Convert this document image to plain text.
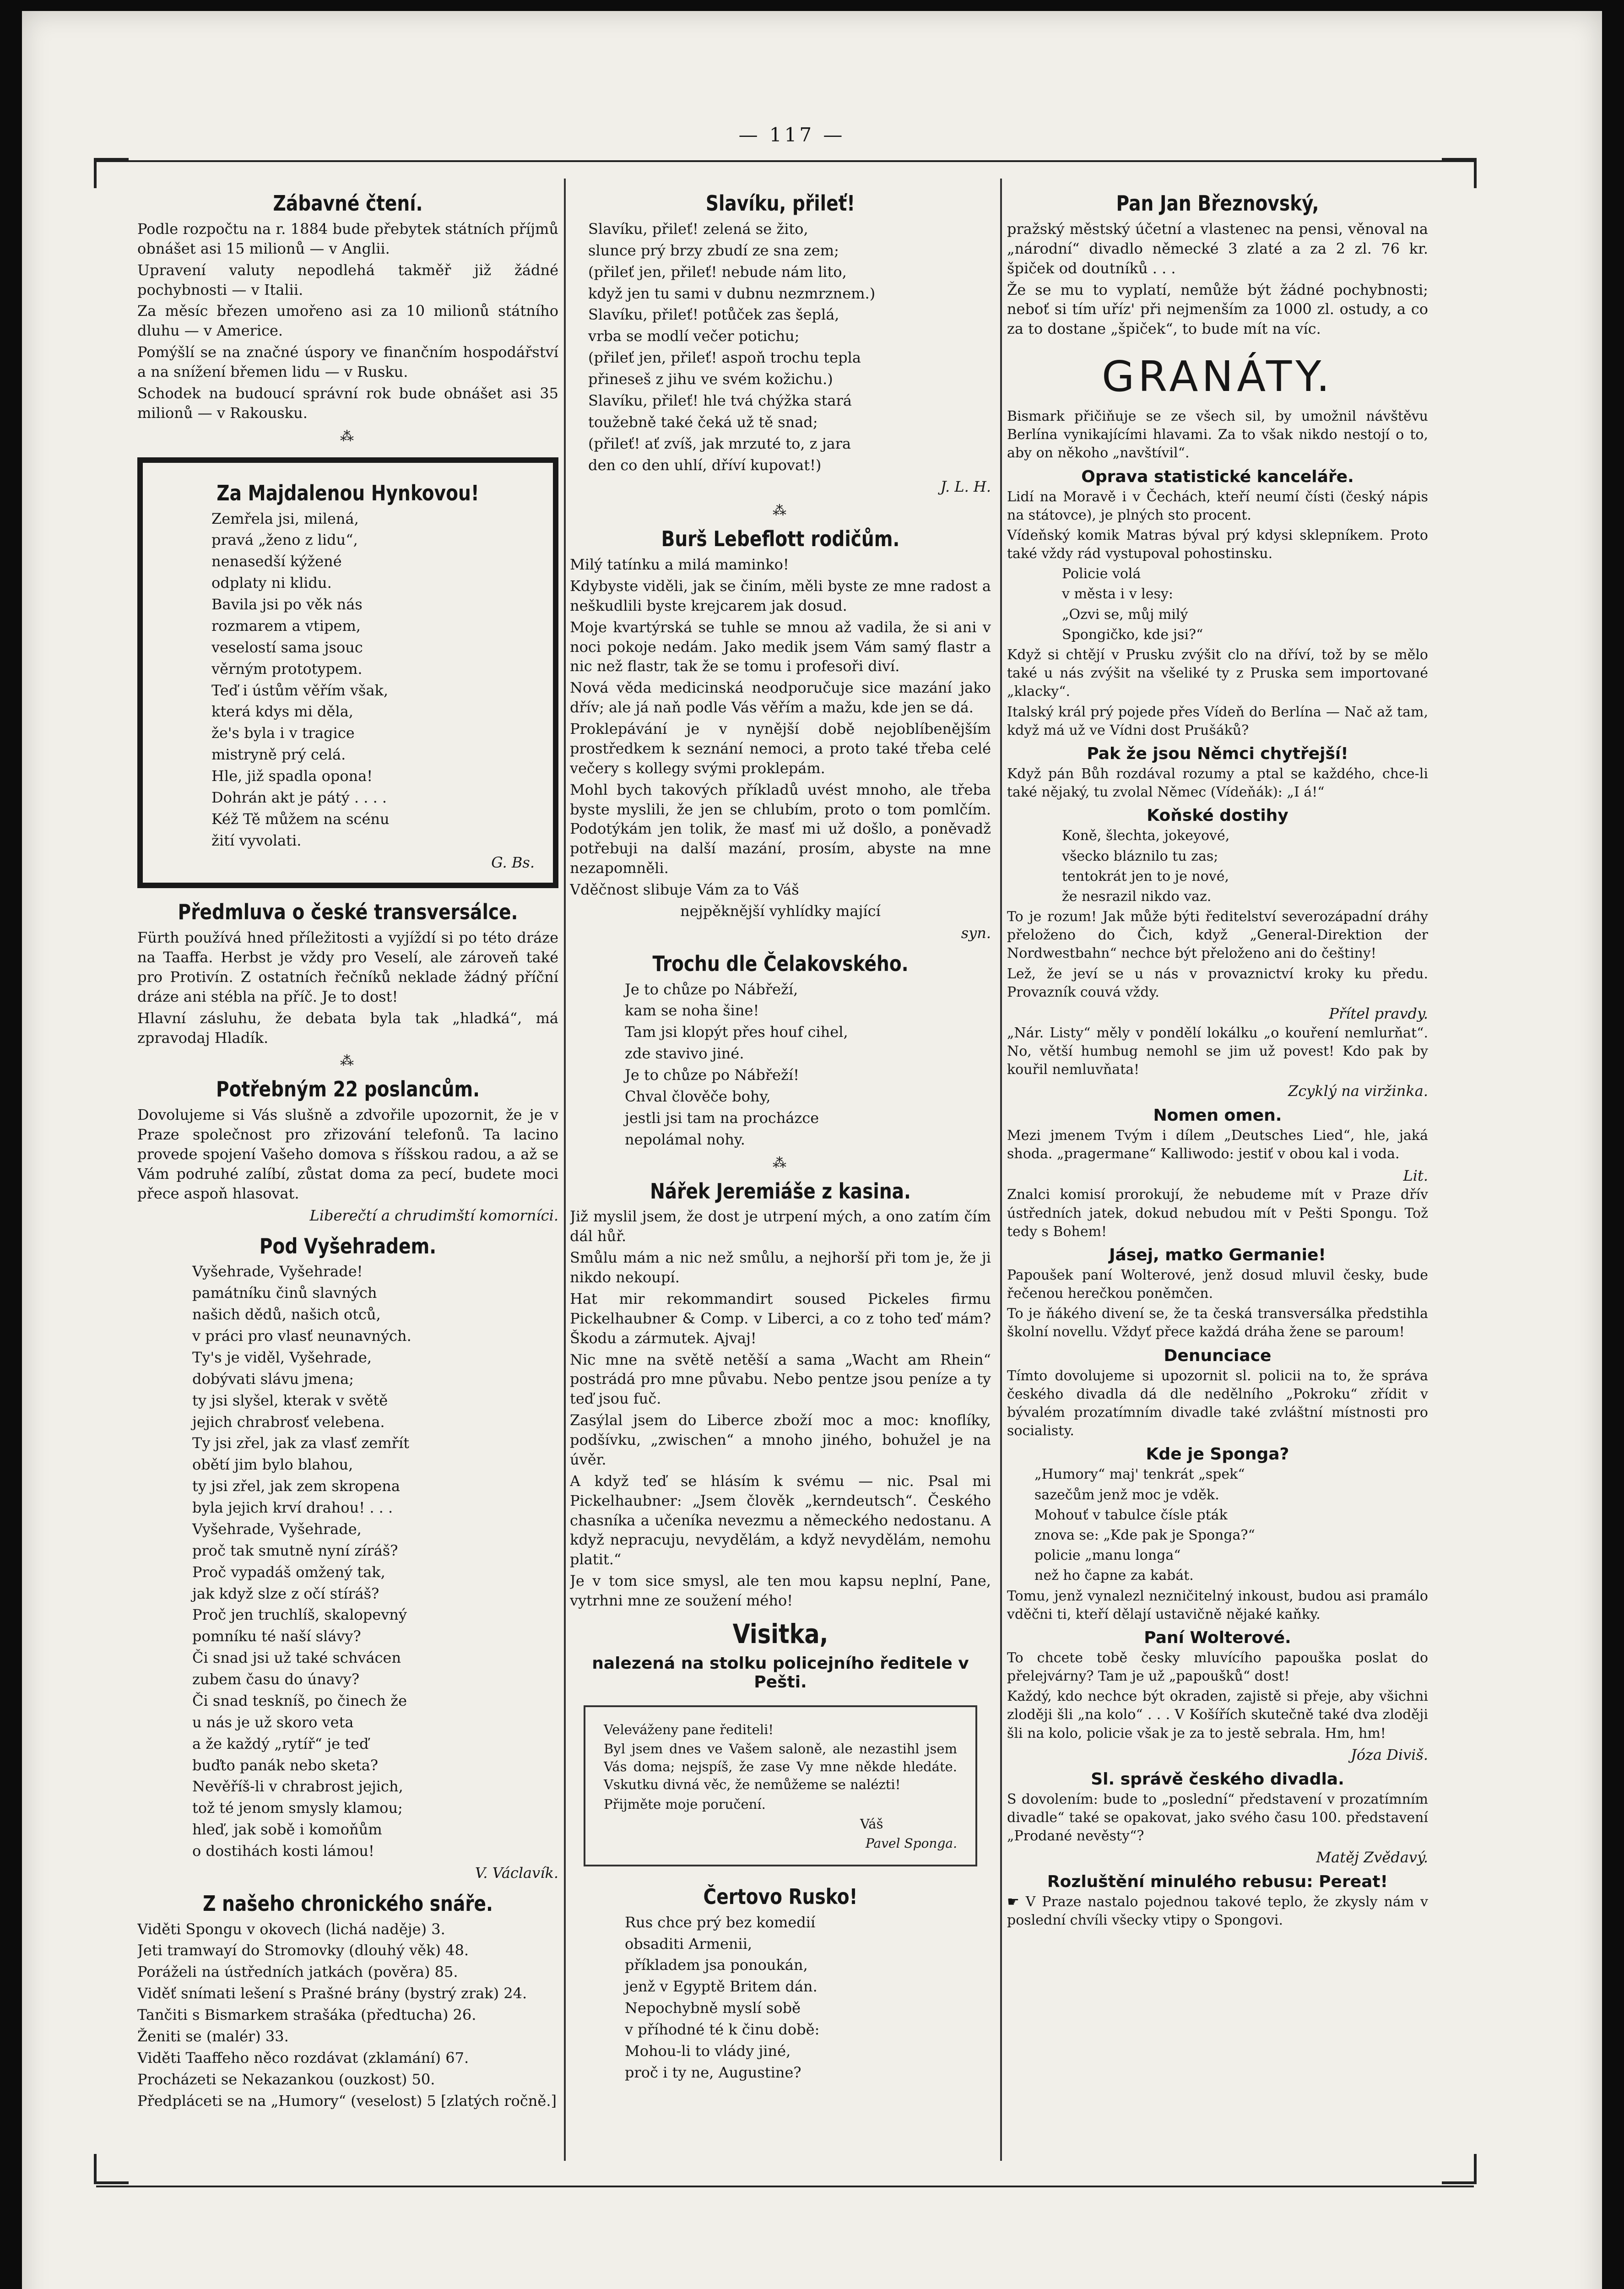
— 117 —
Zábavné čtení.

Podle rozpočtu na r. 1884 bude přebytek státních příjmů obnášet asi 15 milionů — v Anglii.

Upravení valuty nepodlehá takměř již žádné pochybnosti — v Italii.

Za měsíc březen umořeno asi za 10 milionů státního dluhu — v Americe.

Pomýšlí se na značné úspory ve finančním hospodářství a na snížení břemen lidu — v Rusku.

Schodek na budoucí správní rok bude obnášet asi 35 milionů — v Rakousku.

⁂
Za Majdalenou Hynkovou!

Zemřela jsi, milená,

pravá „ženo z lidu“,

nenasedší kýžené

odplaty ni klidu.

Bavila jsi po věk nás

rozmarem a vtipem,

veselostí sama jsouc

věrným prototypem.

Teď i ústům věřím však,

která kdys mi děla,

že's byla i v tragice

mistryně prý celá.

Hle, již spadla opona!

Dohrán akt je pátý . . . .

Kéž Tě můžem na scénu

žití vyvolati.

G. Bs.
Předmluva o české transversálce.

Fürth používá hned příležitosti a vyjíždí si po této dráze na Taaffa. Herbst je vždy pro Veselí, ale zároveň také pro Protivín. Z ostatních řečníků neklade žádný příční dráze ani stébla na příč. Je to dost!

Hlavní zásluhu, že debata byla tak „hladká“, má zpravodaj Hladík.

⁂
Potřebným 22 poslancům.

Dovolujeme si Vás slušně a zdvořile upozornit, že je v Praze společnost pro zřizování telefonů. Ta lacino provede spojení Vašeho domova s říšskou radou, a až se Vám podruhé zalíbí, zůstat doma za pecí, budete moci přece aspoň hlasovat.

Liberečtí a chrudimští komorníci.
Pod Vyšehradem.

Vyšehrade, Vyšehrade!

památníku činů slavných

našich dědů, našich otců,

v práci pro vlasť neunavných.

Ty's je viděl, Vyšehrade,

dobývati slávu jmena;

ty jsi slyšel, kterak v světě

jejich chrabrosť velebena.

Ty jsi zřel, jak za vlasť zemřít

obětí jim bylo blahou,

ty jsi zřel, jak zem skropena

byla jejich krví drahou! . . .

Vyšehrade, Vyšehrade,

proč tak smutně nyní zíráš?

Proč vypadáš omžený tak,

jak když slze z očí stíráš?

Proč jen truchlíš, skalopevný

pomníku té naší slávy?

Či snad jsi už také schvácen

zubem času do únavy?

Či snad teskníš, po činech že

u nás je už skoro veta

a že každý „rytíř“ je teď

buďto panák nebo sketa?

Nevěříš-li v chrabrost jejich,

tož té jenom smysly klamou;

hleď, jak sobě i komoňům

o dostihách kosti lámou!

V. Václavík.
Z našeho chronického snáře.

Viděti Spongu v okovech (lichá naděje) 3.

Jeti tramwayí do Stromovky (dlouhý věk) 48.

Poráželi na ústředních jatkách (pověra) 85.

Viděť snímati lešení s Prašné brány (bystrý zrak) 24.

Tančiti s Bismarkem strašáka (předtucha) 26.

Ženiti se (malér) 33.

Viděti Taaffeho něco rozdávat (zklamání) 67.

Procházeti se Nekazankou (ouzkost) 50.

Předpláceti se na „Humory“ (veselost) 5 [zlatých ročně.]

Slavíku, přileť!

Slavíku, přileť! zelená se žito,

slunce prý brzy zbudí ze sna zem;

(přileť jen, přileť! nebude nám lito,

když jen tu sami v dubnu nezmrznem.)

Slavíku, přileť! potůček zas šeplá,

vrba se modlí večer potichu;

(přileť jen, přileť! aspoň trochu tepla

přineseš z jihu ve svém kožichu.)

Slavíku, přileť! hle tvá chýžka stará

toužebně také čeká už tě snad;

(přileť! ať zvíš, jak mrzuté to, z jara

den co den uhlí, dříví kupovat!)

J. L. H.
⁂
Burš Lebeflott rodičům.

Milý tatínku a milá maminko!

Kdybyste viděli, jak se činím, měli byste ze mne radost a neškudlili byste krejcarem jak dosud.

Moje kvartýrská se tuhle se mnou až vadila, že si ani v noci pokoje nedám. Jako medik jsem Vám samý flastr a nic než flastr, tak že se tomu i profesoři diví.

Nová věda medicinská neodporučuje sice mazání jako dřív; ale já naň podle Vás věřím a mažu, kde jen se dá.

Proklepávání je v nynější době nejoblíbenějším prostředkem k seznání nemoci, a proto také třeba celé večery s kollegy svými proklepám.

Mohl bych takových příkladů uvést mnoho, ale třeba byste myslili, že jen se chlubím, proto o tom pomlčím. Podotýkám jen tolik, že masť mi už došlo, a poněvadž potřebuji na další mazání, prosím, abyste na mne nezapomněli.

Vděčnost slibuje Vám za to Váš

nejpěknější vyhlídky mající

syn.
Trochu dle Čelakovského.

Je to chůze po Nábřeží,

kam se noha šine!

Tam jsi klopýt přes houf cihel,

zde stavivo jiné.

Je to chůze po Nábřeží!

Chval člověče bohy,

jestli jsi tam na procházce

nepolámal nohy.

⁂
Nářek Jeremiáše z kasina.

Již myslil jsem, že dost je utrpení mých, a ono zatím čím dál hůř.

Smůlu mám a nic než smůlu, a nejhorší při tom je, že ji nikdo nekoupí.

Hat mir rekommandirt soused Pickeles firmu Pickelhaubner & Comp. v Liberci, a co z toho teď mám? Škodu a zármutek. Ajvaj!

Nic mne na světě netěší a sama „Wacht am Rhein“ postrádá pro mne půvabu. Nebo pentze jsou peníze a ty teď jsou fuč.

Zasýlal jsem do Liberce zboží moc a moc: knoflíky, podšívku, „zwischen“ a mnoho jiného, bohužel je na úvěr.

A když teď se hlásím k svému — nic. Psal mi Pickelhaubner: „Jsem člověk „kerndeutsch“. Českého chasníka a učeníka nevezmu a německého nedostanu. A když nepracuju, nevydělám, a když nevydělám, nemohu platit.“

Je v tom sice smysl, ale ten mou kapsu neplní, Pane, vytrhni mne ze soužení mého!

Visitka,
nalezená na stolku policejního ředitele v Pešti.

Veleváženy pane řediteli!

Byl jsem dnes ve Vašem saloně, ale nezastihl jsem Vás doma; nejspíš, že zase Vy mne někde hledáte. Vskutku divná věc, že nemůžeme se nalézti!

Přijměte moje poručení.

Váš

Pavel Sponga.
Čertovo Rusko!

Rus chce prý bez komedií

obsaditi Armenii,

příkladem jsa ponoukán,

jenž v Egyptě Britem dán.

Nepochybně myslí sobě

v příhodné té k činu době:

Mohou-li to vlády jiné,

proč i ty ne, Augustine?

Pan Jan Březnovský,

pražský městský účetní a vlastenec na pensi, věnoval na „národní“ divadlo německé 3 zlaté a za 2 zl. 76 kr. špiček od doutníků . . .

Že se mu to vyplatí, nemůže být žádné pochybnosti; neboť si tím uříz' při nejmenším za 1000 zl. ostudy, a co za to dostane „špiček“, to bude mít na víc.

GRANÁTY.

Bismark přičiňuje se ze všech sil, by umožnil návštěvu Berlína vynikajícími hlavami. Za to však nikdo nestojí o to, aby on někoho „navštívil“.

Oprava statistické kanceláře.

Lidí na Moravě i v Čechách, kteří neumí čísti (český nápis na státovce), je plných sto procent.

Vídeňský komik Matras býval prý kdysi sklepníkem. Proto také vždy rád vystupoval pohostinsku.

Policie volá

v města i v lesy:

„Ozvi se, můj milý

Spongičko, kde jsi?“

Když si chtějí v Prusku zvýšit clo na dříví, tož by se mělo také u nás zvýšit na všeliké ty z Pruska sem importované „klacky“.

Italský král prý pojede přes Vídeň do Berlína — Nač až tam, když má už ve Vídni dost Prušáků?

Pak že jsou Němci chytřejší!

Když pán Bůh rozdával rozumy a ptal se každého, chce-li také nějaký, tu zvolal Němec (Vídeňák): „I á!“

Koňské dostihy

Koně, šlechta, jokeyové,

všecko bláznilo tu zas;

tentokrát jen to je nové,

že nesrazil nikdo vaz.

To je rozum! Jak může býti ředitelství severozápadní dráhy přeloženo do Čich, když „General-Direktion der Nordwestbahn“ nechce být přeloženo ani do češtiny!

Lež, že jeví se u nás v provaznictví kroky ku předu. Provazník couvá vždy.

Přítel pravdy.

„Nár. Listy“ měly v pondělí lokálku „o kouření nemlurňat“. No, větší humbug nemohl se jim už povest! Kdo pak by kouřil nemluvňata!

Zcyklý na viržinka.
Nomen omen.

Mezi jmenem Tvým i dílem „Deutsches Lied“, hle, jaká shoda. „pragermane“ Kalliwodo: jestiť v obou kal i voda.

Lit.

Znalci komisí prorokují, že nebudeme mít v Praze dřív ústředních jatek, dokud nebudou mít v Pešti Spongu. Tož tedy s Bohem!

Jásej, matko Germanie!

Papoušek paní Wolterové, jenž dosud mluvil česky, bude řečenou herečkou poněmčen.

To je ňákého divení se, že ta česká transversálka předstihla školní novellu. Vždyť přece každá dráha žene se paroum!

Denunciace

Tímto dovolujeme si upozornit sl. policii na to, že správa českého divadla dá dle nedělního „Pokroku“ zřídit v bývalém prozatímním divadle také zvláštní místnosti pro socialisty.

Kde je Sponga?

„Humory“ maj' tenkrát „spek“

sazečům jenž moc je vděk.

Mohouť v tabulce čísle pták

znova se: „Kde pak je Sponga?“

policie „manu longa“

než ho čapne za kabát.

Tomu, jenž vynalezl nezničitelný inkoust, budou asi pramálo vděčni ti, kteří dělají ustavičně nějaké kaňky.

Paní Wolterové.

To chcete tobě česky mluvícího papouška poslat do přelejvárny? Tam je už „papoušků“ dost!

Každý, kdo nechce být okraden, zajistě si přeje, aby všichni zloději šli „na kolo“ . . . V Košířích skutečně také dva zloději šli na kolo, policie však je za to jestě sebrala. Hm, hm!

Józa Diviš.
Sl. správě českého divadla.

S dovolením: bude to „poslední“ představení v prozatímním divadle“ také se opakovat, jako svého času 100. představení „Prodané nevěsty“?

Matěj Zvědavý.
Rozluštění minulého rebusu: Pereat!

☛ V Praze nastalo pojednou takové teplo, že zkysly nám v poslední chvíli všecky vtipy o Spongovi.
